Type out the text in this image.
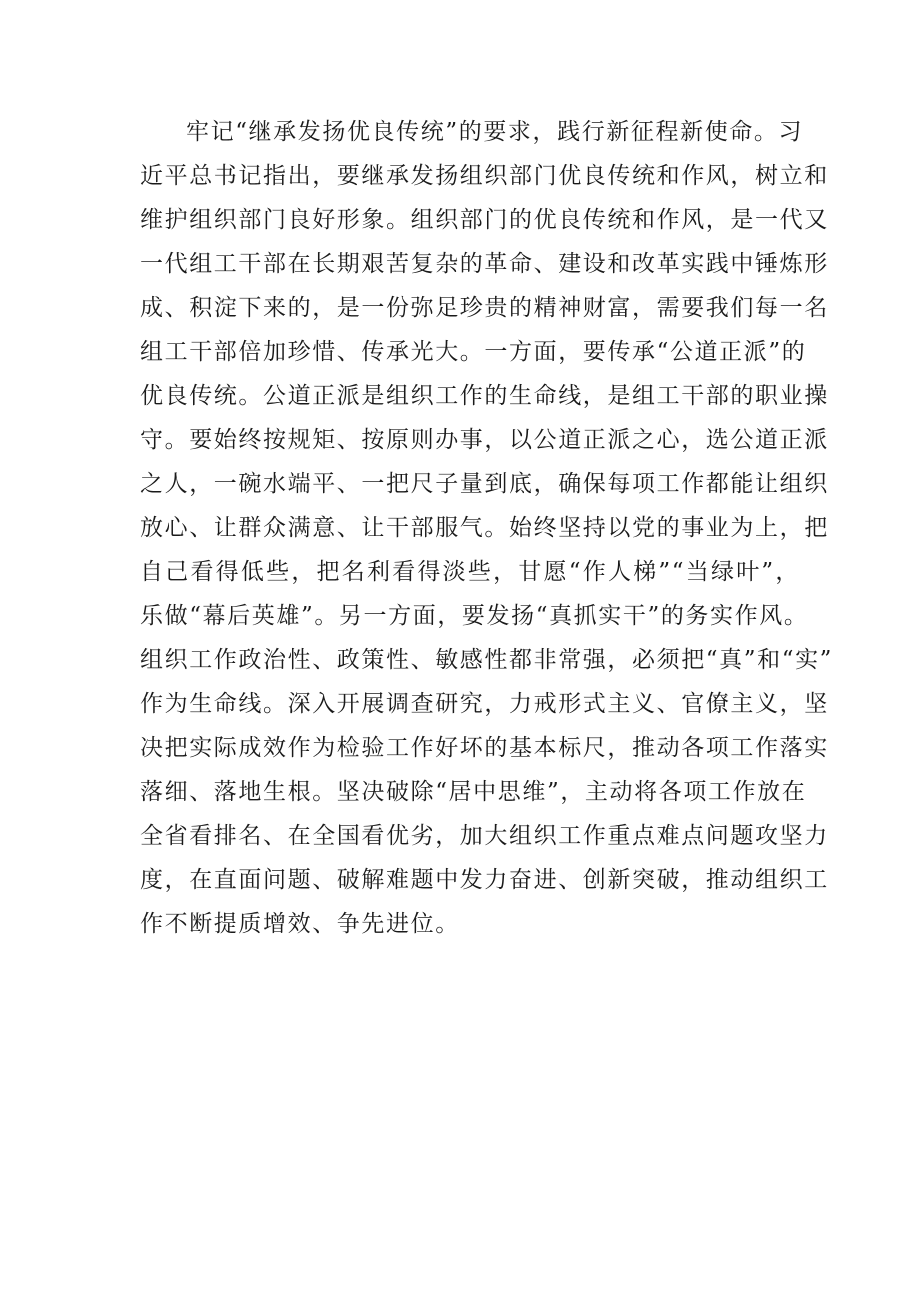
牢记“继承发扬优良传统”的要求，践行新征程新使命。习
近平总书记指出，要继承发扬组织部门优良传统和作风，树立和
维护组织部门良好形象。组织部门的优良传统和作风，是一代又
一代组工干部在长期艰苦复杂的革命、建设和改革实践中锤炼形
成、积淀下来的，是一份弥足珍贵的精神财富，需要我们每一名
组工干部倍加珍惜、传承光大。一方面，要传承“公道正派”的
优良传统。公道正派是组织工作的生命线，是组工干部的职业操
守。要始终按规矩、按原则办事，以公道正派之心，选公道正派
之人，一碗水端平、一把尺子量到底，确保每项工作都能让组织
放心、让群众满意、让干部服气。始终坚持以党的事业为上，把
自己看得低些，把名利看得淡些，甘愿“作人梯”“当绿叶”，
乐做“幕后英雄”。另一方面，要发扬“真抓实干”的务实作风。
组织工作政治性、政策性、敏感性都非常强，必须把“真”和“实”
作为生命线。深入开展调查研究，力戒形式主义、官僚主义，坚
决把实际成效作为检验工作好坏的基本标尺，推动各项工作落实
落细、落地生根。坚决破除“居中思维”，主动将各项工作放在
全省看排名、在全国看优劣，加大组织工作重点难点问题攻坚力
度，在直面问题、破解难题中发力奋进、创新突破，推动组织工
作不断提质增效、争先进位。
